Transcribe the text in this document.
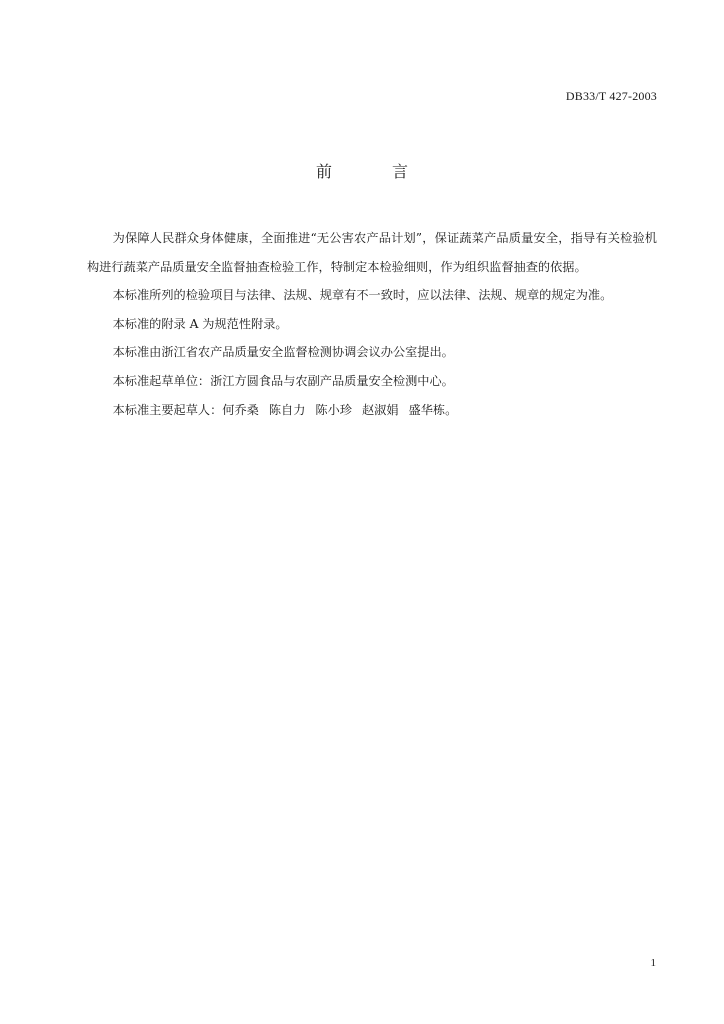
DB33/T 427-2003
前	言

为保障人民群众身体健康，全面推进“无公害农产品计划”，保证蔬菜产品质量安全，指导有关检验机构进行蔬菜产品质量安全监督抽查检验工作，特制定本检验细则，作为组织监督抽查的依据。

本标准所列的检验项目与法律、法规、规章有不一致时，应以法律、法规、规章的规定为准。

本标准的附录 A 为规范性附录。

本标准由浙江省农产品质量安全监督检测协调会议办公室提出。

本标准起草单位：浙江方圆食品与农副产品质量安全检测中心。

本标准主要起草人：何乔桑 陈自力 陈小珍 赵淑娟 盛华栋。

1
